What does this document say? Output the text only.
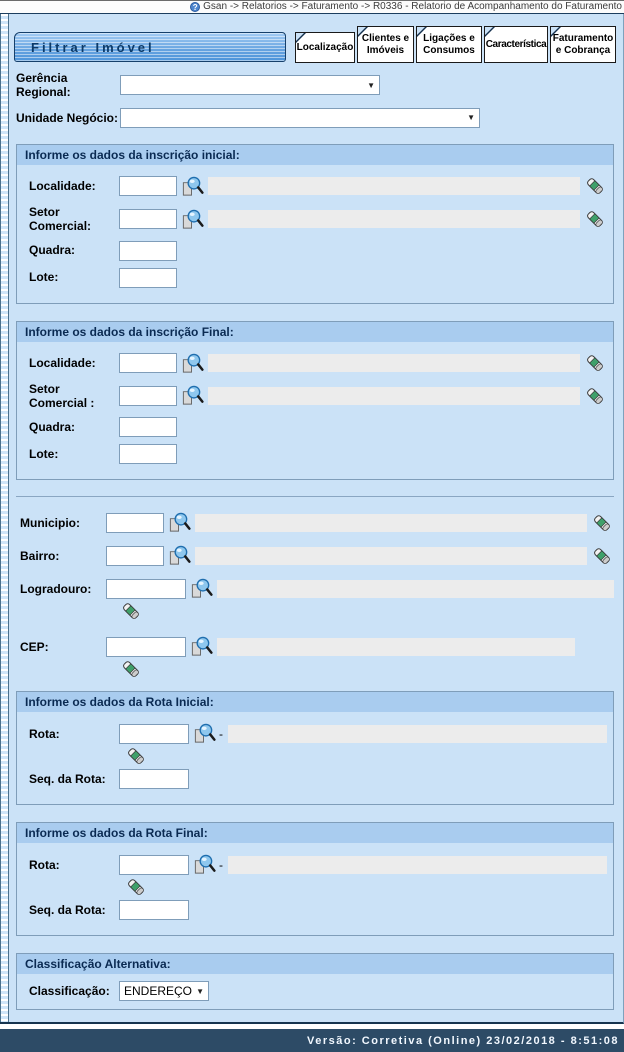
? Gsan -> Relatorios -> Faturamento -> R0336 - Relatorio de Acompanhamento do Faturamento
Filtrar Imóvel	Localização
Clientes e Imóveis
Ligações e Consumos
Característica
Faturamento e Cobrança
Gerência Regional:	▼
Unidade Negócio:	▼
Informe os dados da inscrição inicial:
Localidade:
Setor Comercial:
Quadra:
Lote:
Informe os dados da inscrição Final:
Localidade:
Setor Comercial :
Quadra:
Lote:
Municipio:
Bairro:
Logradouro:
CEP:
Informe os dados da Rota Inicial:
Rota:	-
Seq. da Rota:
Informe os dados da Rota Final:
Rota:	-
Seq. da Rota:
Classificação Alternativa:
Classificação:	ENDEREÇO ▼
Versão: Corretiva (Online) 23/02/2018 - 8:51:08
